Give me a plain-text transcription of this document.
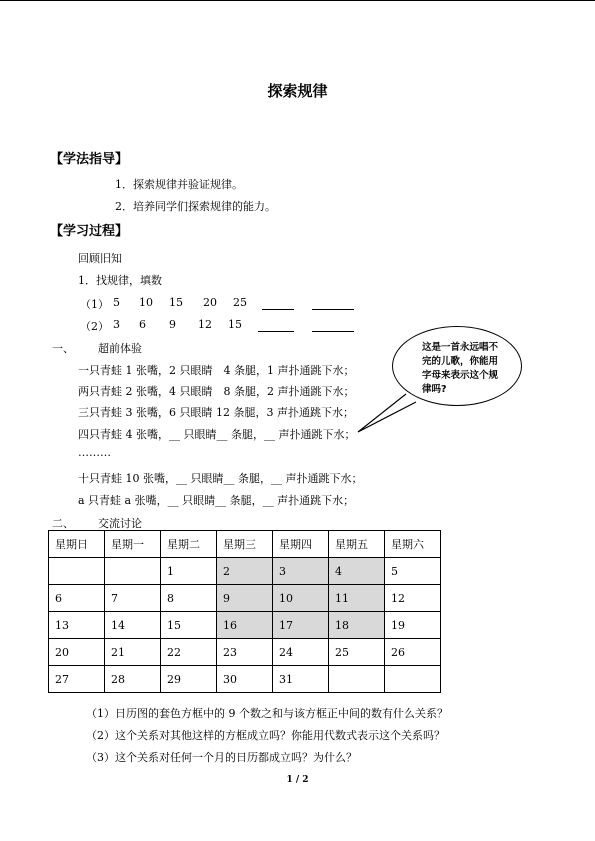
探索规律
【学法指导】
1．探索规律并验证规律。
2．培养同学们探索规律的能力。
【学习过程】
回顾旧知
1．找规律，填数
（1） 5 10 15 20 25
（2） 3 6 9 12 15
一、 超前体验
一只青蛙 1 张嘴，2 只眼睛　4 条腿，1 声扑通跳下水；
两只青蛙 2 张嘴，4 只眼睛　8 条腿，2 声扑通跳下水；
三只青蛙 3 张嘴，6 只眼睛 12 条腿，3 声扑通跳下水；
四只青蛙 4 张嘴，__ 只眼睛__ 条腿，__ 声扑通跳下水；
………
十只青蛙 10 张嘴，__ 只眼睛__ 条腿，__ 声扑通跳下水；
a 只青蛙 a 张嘴，__ 只眼睛__ 条腿，__ 声扑通跳下水；
这是一首永远唱不完的儿歌，你能用字母来表示这个规律吗?
二、 交流讨论
星期日	星期一	星期二	星期三	星期四	星期五	星期六
		1	2	3	4	5
6	7	8	9	10	11	12
13	14	15	16	17	18	19
20	21	22	23	24	25	26
27	28	29	30	31		
（1）日历图的套色方框中的 9 个数之和与该方框正中间的数有什么关系？
（2）这个关系对其他这样的方框成立吗？你能用代数式表示这个关系吗？
（3）这个关系对任何一个月的日历都成立吗？为什么？
1 / 2
